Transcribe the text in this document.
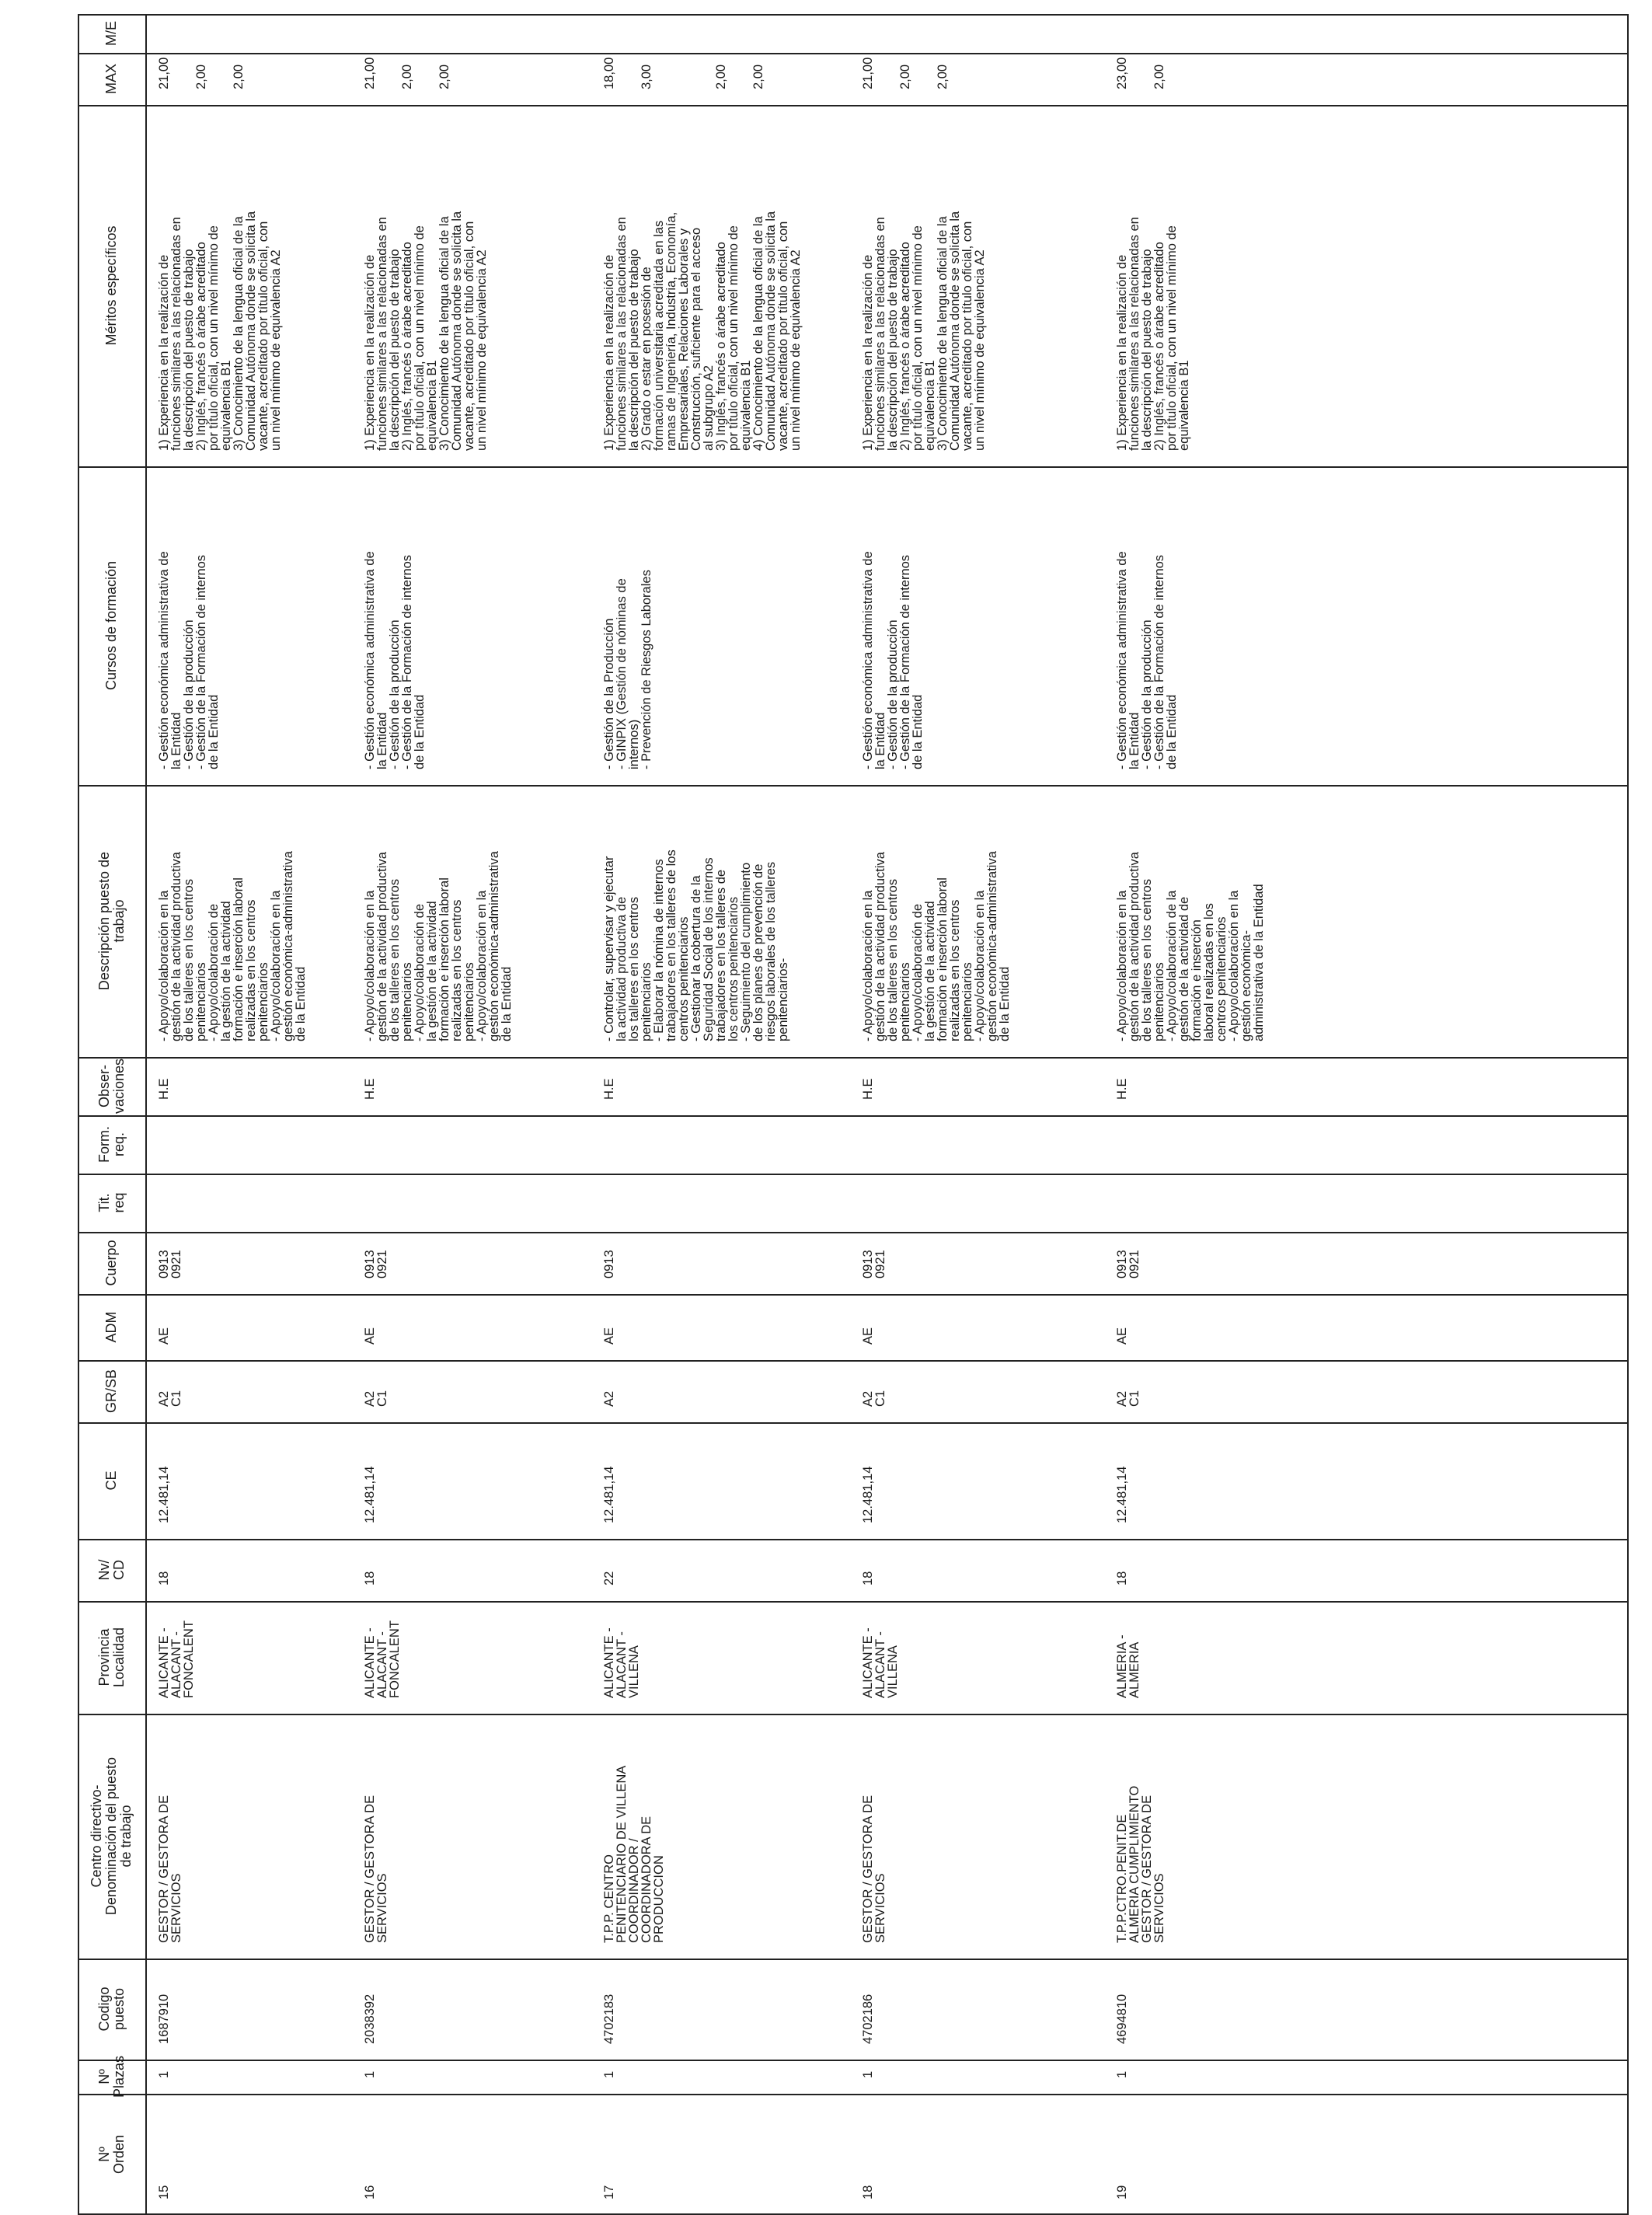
Nº
Orden
Nº
Plazas
Codigo
puesto
Centro directivo-
Denominación del puesto
de trabajo
Provincia
Localidad
Nv/
CD
CE
GR/SB
ADM
Cuerpo
Tit.
req
Form.
req.
Obser-
vaciones
Descripción puesto de
trabajo
Cursos de formación
Méritos específicos
MAX
M/E
15
1
1687910
GESTOR / GESTORA DE
SERVICIOS
ALICANTE -
ALACANT -
FONCALENT
18
12.481,14
A2
C1
AE
0913
0921
H.E
- Apoyo/colaboración en la
gestión de la actividad productiva
de los talleres en los centros
penitenciarios
- Apoyo/colaboración de
la gestión de la actividad
formación e inserción laboral
realizadas en los centros
penitenciarios
- Apoyo/colaboración en la
gestión económica-administrativa
de la Entidad
- Gestión económica administrativa de
la Entidad
- Gestión de la producción
- Gestión de la Formación de internos
de la Entidad
1) Experiencia en la realización de
funciones similares a las relacionadas en
la descripción del puesto de trabajo
2) Inglés, francés o árabe acreditado
por título oficial, con un nivel mínimo de
equivalencia B1
3) Conocimiento de la lengua oficial de la
Comunidad Autónoma donde se solicita la
vacante, acreditado por título oficial, con
un nivel mínimo de equivalencia A2
21,00

2,00

2,00
16
1
2038392
GESTOR / GESTORA DE
SERVICIOS
ALICANTE -
ALACANT -
FONCALENT
18
12.481,14
A2
C1
AE
0913
0921
H.E
- Apoyo/colaboración en la
gestión de la actividad productiva
de los talleres en los centros
penitenciarios
- Apoyo/colaboración de
la gestión de la actividad
formación e inserción laboral
realizadas en los centros
penitenciarios
- Apoyo/colaboración en la
gestión económica-administrativa
de la Entidad
- Gestión económica administrativa de
la Entidad
- Gestión de la producción
- Gestión de la Formación de internos
de la Entidad
1) Experiencia en la realización de
funciones similares a las relacionadas en
la descripción del puesto de trabajo
2) Inglés, francés o árabe acreditado
por título oficial, con un nivel mínimo de
equivalencia B1
3) Conocimiento de la lengua oficial de la
Comunidad Autónoma donde se solicita la
vacante, acreditado por título oficial, con
un nivel mínimo de equivalencia A2
21,00

2,00

2,00
17
1
4702183
T.P.P. CENTRO
PENITENCIARIO DE VILLENA
COORDINADOR /
COORDINADORA DE
PRODUCCION
ALICANTE -
ALACANT -
VILLENA
22
12.481,14
A2
AE
0913
H.E
- Controlar, supervisar y ejecutar
la actividad productiva de
los talleres en los centros
penitenciarios
- Elaborar la nómina de internos
trabajadores en los talleres de los
centros penitenciarios
- Gestionar la cobertura de la
Seguridad Social de los internos
trabajadores en los talleres de
los centros penitenciarios
- Seguimiento del cumplimiento
de los planes de prevención de
riesgos laborales de los talleres
penitenciarios-
- Gestión de la Producción
- GINPIX (Gestión de nóminas de
internos)
- Prevención de Riesgos Laborales
1) Experiencia en la realización de
funciones similares a las relacionadas en
la descripción del puesto de trabajo
2) Grado o estar en posesión de
formación universitaria acreditada en las
ramas de Ingeniería, Industria, Economía,
Empresariales, Relaciones Laborales y
Construcción, suficiente para el acceso
al subgrupo A2
3) Inglés, francés o árabe acreditado
por título oficial, con un nivel mínimo de
equivalencia B1
4) Conocimiento de la lengua oficial de la
Comunidad Autónoma donde se solicita la
vacante, acreditado por título oficial, con
un nivel mínimo de equivalencia A2
18,00

3,00

2,00

2,00
18
1
4702186
GESTOR / GESTORA DE
SERVICIOS
ALICANTE -
ALACANT -
VILLENA
18
12.481,14
A2
C1
AE
0913
0921
H.E
- Apoyo/colaboración en la
gestión de la actividad productiva
de los talleres en los centros
penitenciarios
- Apoyo/colaboración de
la gestión de la actividad
formación e inserción laboral
realizadas en los centros
penitenciarios
- Apoyo/colaboración en la
gestión económica-administrativa
de la Entidad
- Gestión económica administrativa de
la Entidad
- Gestión de la producción
- Gestión de la Formación de internos
de la Entidad
1) Experiencia en la realización de
funciones similares a las relacionadas en
la descripción del puesto de trabajo
2) Inglés, francés o árabe acreditado
por título oficial, con un nivel mínimo de
equivalencia B1
3) Conocimiento de la lengua oficial de la
Comunidad Autónoma donde se solicita la
vacante, acreditado por título oficial, con
un nivel mínimo de equivalencia A2
21,00

2,00

2,00
19
1
4694810
T.P.P.CTRO.PENIT.DE
ALMERIA CUMPLIMIENTO
GESTOR / GESTORA DE
SERVICIOS
ALMERIA -
ALMERIA
18
12.481,14
A2
C1
AE
0913
0921
H.E
- Apoyo/colaboración en la
gestión de la actividad productiva
de los talleres en los centros
penitenciarios
- Apoyo/colaboración de la
gestión de la actividad de
formación e inserción
laboral realizadas en los
centros penitenciarios
- Apoyo/colaboración en la
gestión económica-
administrativa de la Entidad
- Gestión económica administrativa de
la Entidad
- Gestión de la producción
- Gestión de la Formación de internos
de la Entidad
1) Experiencia en la realización de
funciones similares a las relacionadas en
la descripción del puesto de trabajo
2) Inglés, francés o árabe acreditado
por título oficial, con un nivel mínimo de
equivalencia B1
23,00

2,00
